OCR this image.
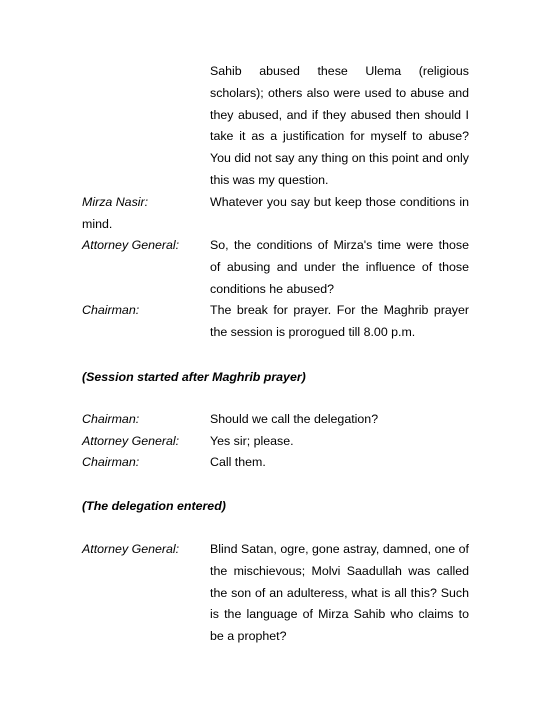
Sahib abused these Ulema (religious scholars); others also were used to abuse and they abused, and if they abused then should I take it as a justification for myself to abuse? You did not say any thing on this point and only this was my question.
Mirza Nasir:	Whatever you say but keep those conditions in mind.
Attorney General: So, the conditions of Mirza's time were those of abusing and under the influence of those conditions he abused?
Chairman:	The break for prayer. For the Maghrib prayer the session is prorogued till 8.00 p.m.
(Session started after Maghrib prayer)
Chairman:	Should we call the delegation?
Attorney General: Yes sir; please.
Chairman:	Call them.
(The delegation entered)
Attorney General: Blind Satan, ogre, gone astray, damned, one of the mischievous; Molvi Saadullah was called the son of an adulteress, what is all this? Such is the language of Mirza Sahib who claims to be a prophet?
